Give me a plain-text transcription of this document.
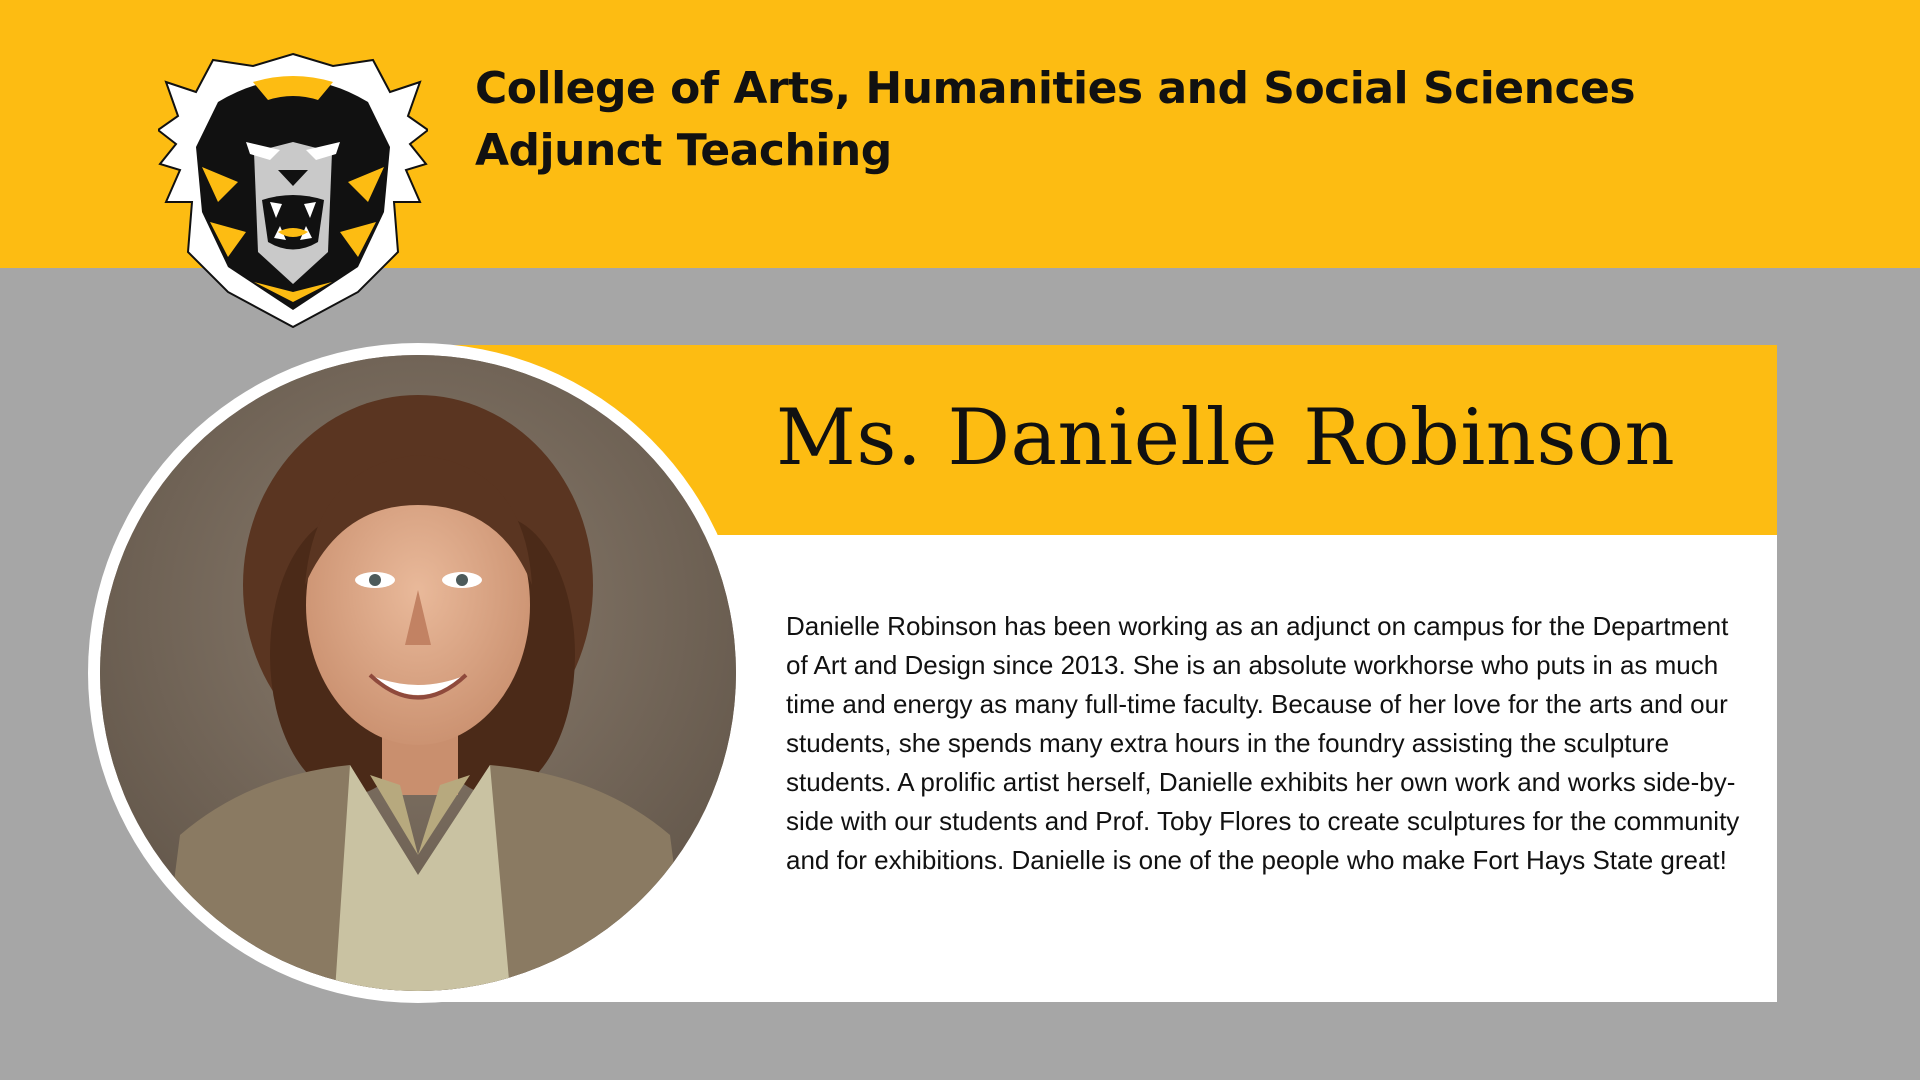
College of Arts, Humanities and Social Sciences
Adjunct Teaching
Ms. Danielle Robinson
Danielle Robinson has been working as an adjunct on campus for the Department of Art and Design since 2013. She is an absolute workhorse who puts in as much time and energy as many full-time faculty. Because of her love for the arts and our students, she spends many extra hours in the foundry assisting the sculpture students. A prolific artist herself, Danielle exhibits her own work and works side-by-side with our students and Prof. Toby Flores to create sculptures for the community and for exhibitions. Danielle is one of the people who make Fort Hays State great!
